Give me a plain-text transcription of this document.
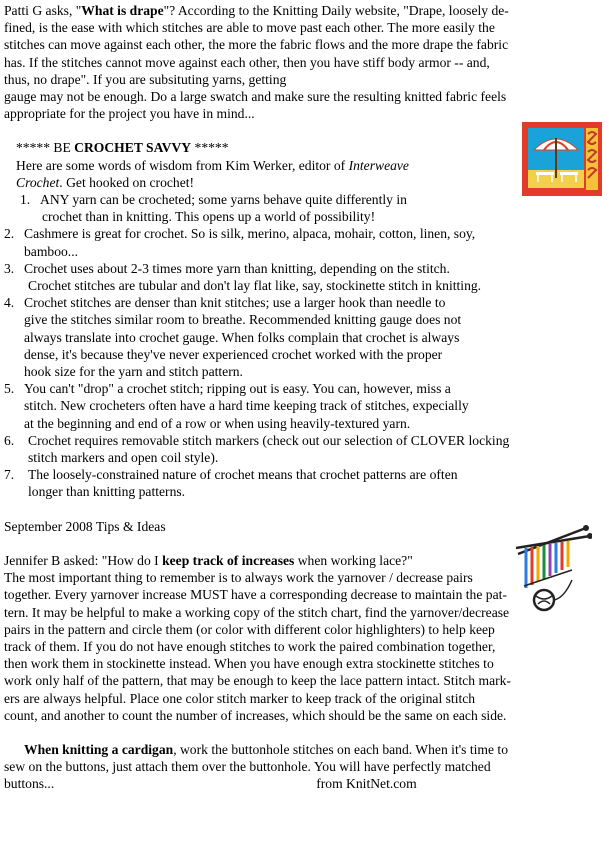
Patti G asks, "What is drape"? According to the Knitting Daily website, "Drape, loosely de-

fined, is the ease with which stitches are able to move past each other. The more easily the

stitches can move against each other, the more the fabric flows and the more drape the fabric

has. If the stitches cannot move against each other, then you have stiff body armor -- and,

thus, no drape". If you are subsituting yarns, getting

gauge may not be enough. Do a large swatch and make sure the resulting knitted fabric feels

appropriate for the project you have in mind...

***** BE CROCHET SAVVY *****

Here are some words of wisdom from Kim Werker, editor of Interweave

Crochet. Get hooked on crochet!

1. ANY yarn can be crocheted; some yarns behave quite differently in

crochet than in knitting. This opens up a world of possibility!

2. Cashmere is great for crochet. So is silk, merino, alpaca, mohair, cotton, linen, soy,

bamboo...

3. Crochet uses about 2-3 times more yarn than knitting, depending on the stitch.

Crochet stitches are tubular and don't lay flat like, say, stockinette stitch in knitting.

4. Crochet stitches are denser than knit stitches; use a larger hook than needle to

give the stitches similar room to breathe. Recommended knitting gauge does not

always translate into crochet gauge. When folks complain that crochet is always

dense, it's because they've never experienced crochet worked with the proper

hook size for the yarn and stitch pattern.

5. You can't "drop" a crochet stitch; ripping out is easy. You can, however, miss a

stitch. New crocheters often have a hard time keeping track of stitches, expecially

at the beginning and end of a row or when using heavily-textured yarn.

6.	Crochet requires removable stitch markers (check out our selection of CLOVER locking

stitch markers and open coil style).

7.	The loosely-constrained nature of crochet means that crochet patterns are often

longer than knitting patterns.

September 2008 Tips & Ideas

Jennifer B asked: "How do I keep track of increases when working lace?"

The most important thing to remember is to always work the yarnover / decrease pairs

together. Every yarnover increase MUST have a corresponding decrease to maintain the pat-

tern. It may be helpful to make a working copy of the stitch chart, find the yarnover/decrease

pairs in the pattern and circle them (or color with different color highlighters) to help keep

track of them. If you do not have enough stitches to work the paired combination together,

then work them in stockinette instead. When you have enough extra stockinette stitches to

work only half of the pattern, that may be enough to keep the lace pattern intact. Stitch mark-

ers are always helpful. Place one color stitch marker to keep track of the original stitch

count, and another to count the number of increases, which should be the same on each side.

When knitting a cardigan, work the buttonhole stitches on each band. When it's time to

sew on the buttons, just attach them over the buttonhole. You will have perfectly matched

buttons...	from KnitNet.com
